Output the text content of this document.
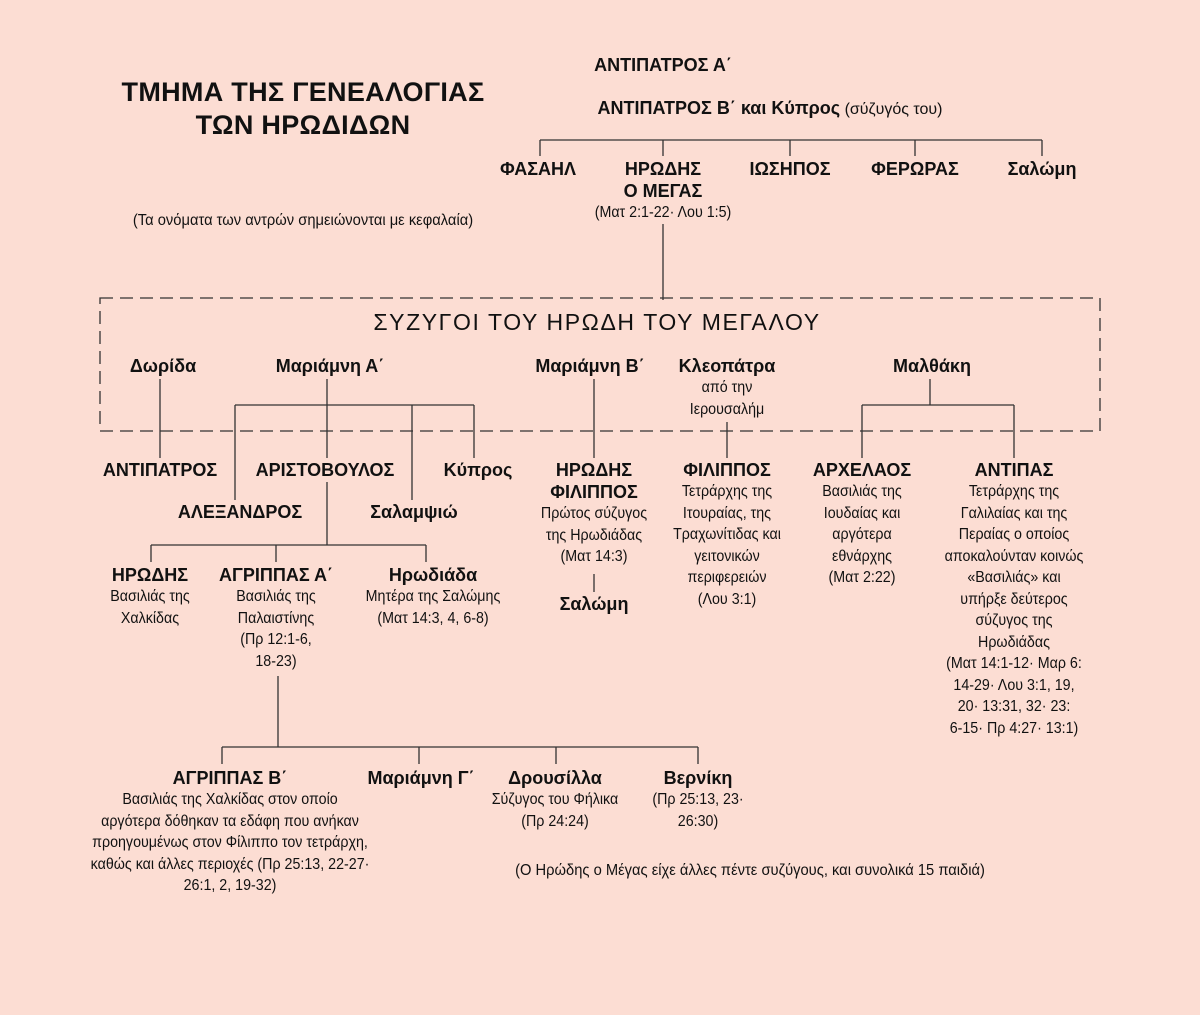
ΤΜΗΜΑ ΤΗΣ ΓΕΝΕΑΛΟΓΙΑΣ
ΤΩΝ ΗΡΩΔΙΔΩΝ
(Τα ονόματα των αντρών σημειώνονται με κεφαλαία)
ΑΝΤΙΠΑΤΡΟΣ Α΄
ΑΝΤΙΠΑΤΡΟΣ Β΄ και Κύπρος (σύζυγός του)
ΦΑΣΑΗΛ	ΗΡΩΔΗΣ
Ο ΜΕΓΑΣ
(Ματ 2:1-22· Λου 1:5)
ΙΩΣΗΠΟΣ ΦΕΡΩΡΑΣ	Σαλώμη
ΣΥΖΥΓΟΙ ΤΟΥ ΗΡΩΔΗ ΤΟΥ ΜΕΓΑΛΟΥ
Δωρίδα	Μαριάμνη Α΄	Μαριάμνη Β΄ Κλεοπάτρα
από την
Ιερουσαλήμ
Μαλθάκη
ΑΝΤΙΠΑΤΡΟΣ ΑΡΙΣΤΟΒΟΥΛΟΣ	Κύπρος
ΑΛΕΞΑΝΔΡΟΣ	Σαλαμψιώ
ΗΡΩΔΗΣ
ΦΙΛΙΠΠΟΣ
Πρώτος σύζυγος
της Ηρωδιάδας
(Ματ 14:3)
Σαλώμη
ΦΙΛΙΠΠΟΣ
Τετράρχης της
Ιτουραίας, της
Τραχωνίτιδας και
γειτονικών
περιφερειών
(Λου 3:1)
ΑΡΧΕΛΑΟΣ
Βασιλιάς της
Ιουδαίας και
αργότερα
εθνάρχης
(Ματ 2:22)
ΑΝΤΙΠΑΣ
Τετράρχης της
Γαλιλαίας και της
Περαίας ο οποίος
αποκαλούνταν κοινώς
«Βασιλιάς» και
υπήρξε δεύτερος
σύζυγος της
Ηρωδιάδας
(Ματ 14:1-12· Μαρ 6:
14-29· Λου 3:1, 19,
20· 13:31, 32· 23:
6-15· Πρ 4:27· 13:1)
ΗΡΩΔΗΣ
Βασιλιάς της
Χαλκίδας
ΑΓΡΙΠΠΑΣ Α΄
Βασιλιάς της
Παλαιστίνης
(Πρ 12:1-6,
18-23)
Ηρωδιάδα
Μητέρα της Σαλώμης
(Ματ 14:3, 4, 6-8)
ΑΓΡΙΠΠΑΣ Β΄
Βασιλιάς της Χαλκίδας στον οποίο
αργότερα δόθηκαν τα εδάφη που ανήκαν
προηγουμένως στον Φίλιππο τον τετράρχη,
καθώς και άλλες περιοχές (Πρ 25:13, 22-27·
26:1, 2, 19-32)
Μαριάμνη Γ΄	Δρουσίλλα
Σύζυγος του Φήλικα
(Πρ 24:24)
Βερνίκη
(Πρ 25:13, 23·
26:30)
(Ο Ηρώδης ο Μέγας είχε άλλες πέντε συζύγους, και συνολικά 15 παιδιά)
